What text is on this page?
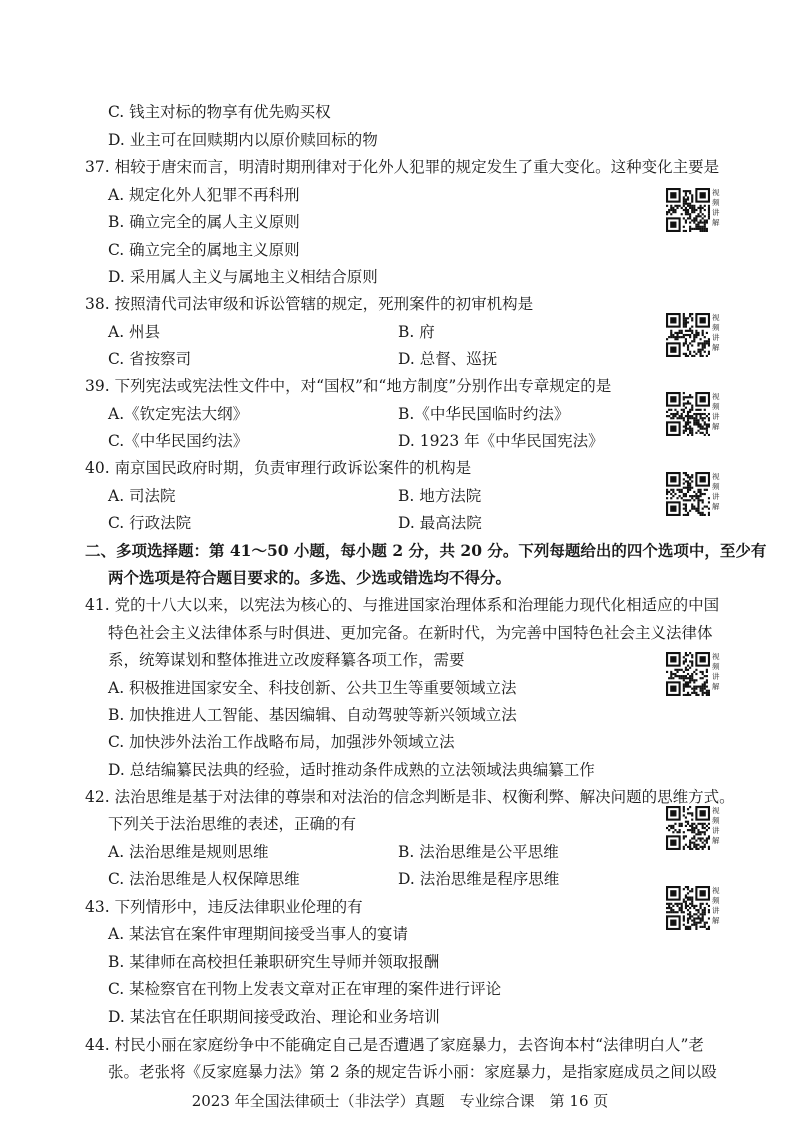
C. 钱主对标的物享有优先购买权
D. 业主可在回赎期内以原价赎回标的物
37. 相较于唐宋而言，明清时期刑律对于化外人犯罪的规定发生了重大变化。这种变化主要是
A. 规定化外人犯罪不再科刑
B. 确立完全的属人主义原则
C. 确立完全的属地主义原则
D. 采用属人主义与属地主义相结合原则
38. 按照清代司法审级和诉讼管辖的规定，死刑案件的初审机构是
A. 州县	B. 府
C. 省按察司	D. 总督、巡抚
39. 下列宪法或宪法性文件中，对“国权”和“地方制度”分别作出专章规定的是
A.《钦定宪法大纲》	B.《中华民国临时约法》
C.《中华民国约法》	D. 1923 年《中华民国宪法》
40. 南京国民政府时期，负责审理行政诉讼案件的机构是
A. 司法院	B. 地方法院
C. 行政法院	D. 最高法院
二、多项选择题：第 41～50 小题，每小题 2 分，共 20 分。下列每题给出的四个选项中，至少有
两个选项是符合题目要求的。多选、少选或错选均不得分。
41. 党的十八大以来，以宪法为核心的、与推进国家治理体系和治理能力现代化相适应的中国
特色社会主义法律体系与时俱进、更加完备。在新时代，为完善中国特色社会主义法律体
系，统筹谋划和整体推进立改废释纂各项工作，需要
A. 积极推进国家安全、科技创新、公共卫生等重要领域立法
B. 加快推进人工智能、基因编辑、自动驾驶等新兴领域立法
C. 加快涉外法治工作战略布局，加强涉外领域立法
D. 总结编纂民法典的经验，适时推动条件成熟的立法领域法典编纂工作
42. 法治思维是基于对法律的尊崇和对法治的信念判断是非、权衡利弊、解决问题的思维方式。
下列关于法治思维的表述，正确的有
A. 法治思维是规则思维	B. 法治思维是公平思维
C. 法治思维是人权保障思维	D. 法治思维是程序思维
43. 下列情形中，违反法律职业伦理的有
A. 某法官在案件审理期间接受当事人的宴请
B. 某律师在高校担任兼职研究生导师并领取报酬
C. 某检察官在刊物上发表文章对正在审理的案件进行评论
D. 某法官在任职期间接受政治、理论和业务培训
44. 村民小丽在家庭纷争中不能确定自己是否遭遇了家庭暴力，去咨询本村“法律明白人”老
张。老张将《反家庭暴力法》第 2 条的规定告诉小丽：家庭暴力，是指家庭成员之间以殴
视频讲解
视频讲解
视频讲解
视频讲解
视频讲解
视频讲解
视频讲解
2023 年全国法律硕士（非法学）真题　专业综合课　第 16 页
